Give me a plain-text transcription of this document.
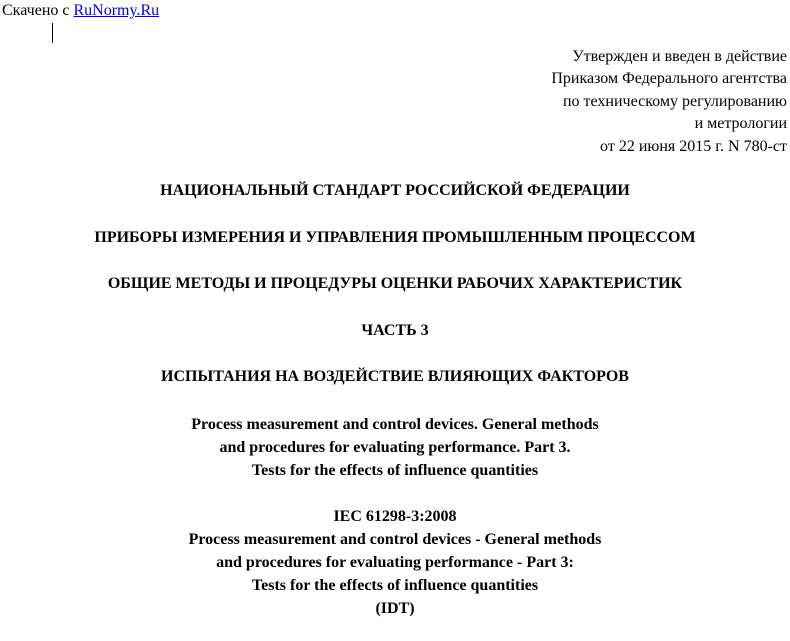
Скачено с RuNormy.Ru
Утвержден и введен в действие
Приказом Федерального агентства
по техническому регулированию
и метрологии
от 22 июня 2015 г. N 780-ст
НАЦИОНАЛЬНЫЙ СТАНДАРТ РОССИЙСКОЙ ФЕДЕРАЦИИ
ПРИБОРЫ ИЗМЕРЕНИЯ И УПРАВЛЕНИЯ ПРОМЫШЛЕННЫМ ПРОЦЕССОМ
ОБЩИЕ МЕТОДЫ И ПРОЦЕДУРЫ ОЦЕНКИ РАБОЧИХ ХАРАКТЕРИСТИК
ЧАСТЬ 3
ИСПЫТАНИЯ НА ВОЗДЕЙСТВИЕ ВЛИЯЮЩИХ ФАКТОРОВ
Process measurement and control devices. General methods
and procedures for evaluating performance. Part 3.
Tests for the effects of influence quantities
IEC 61298-3:2008
Process measurement and control devices - General methods
and procedures for evaluating performance - Part 3:
Tests for the effects of influence quantities
(IDT)
